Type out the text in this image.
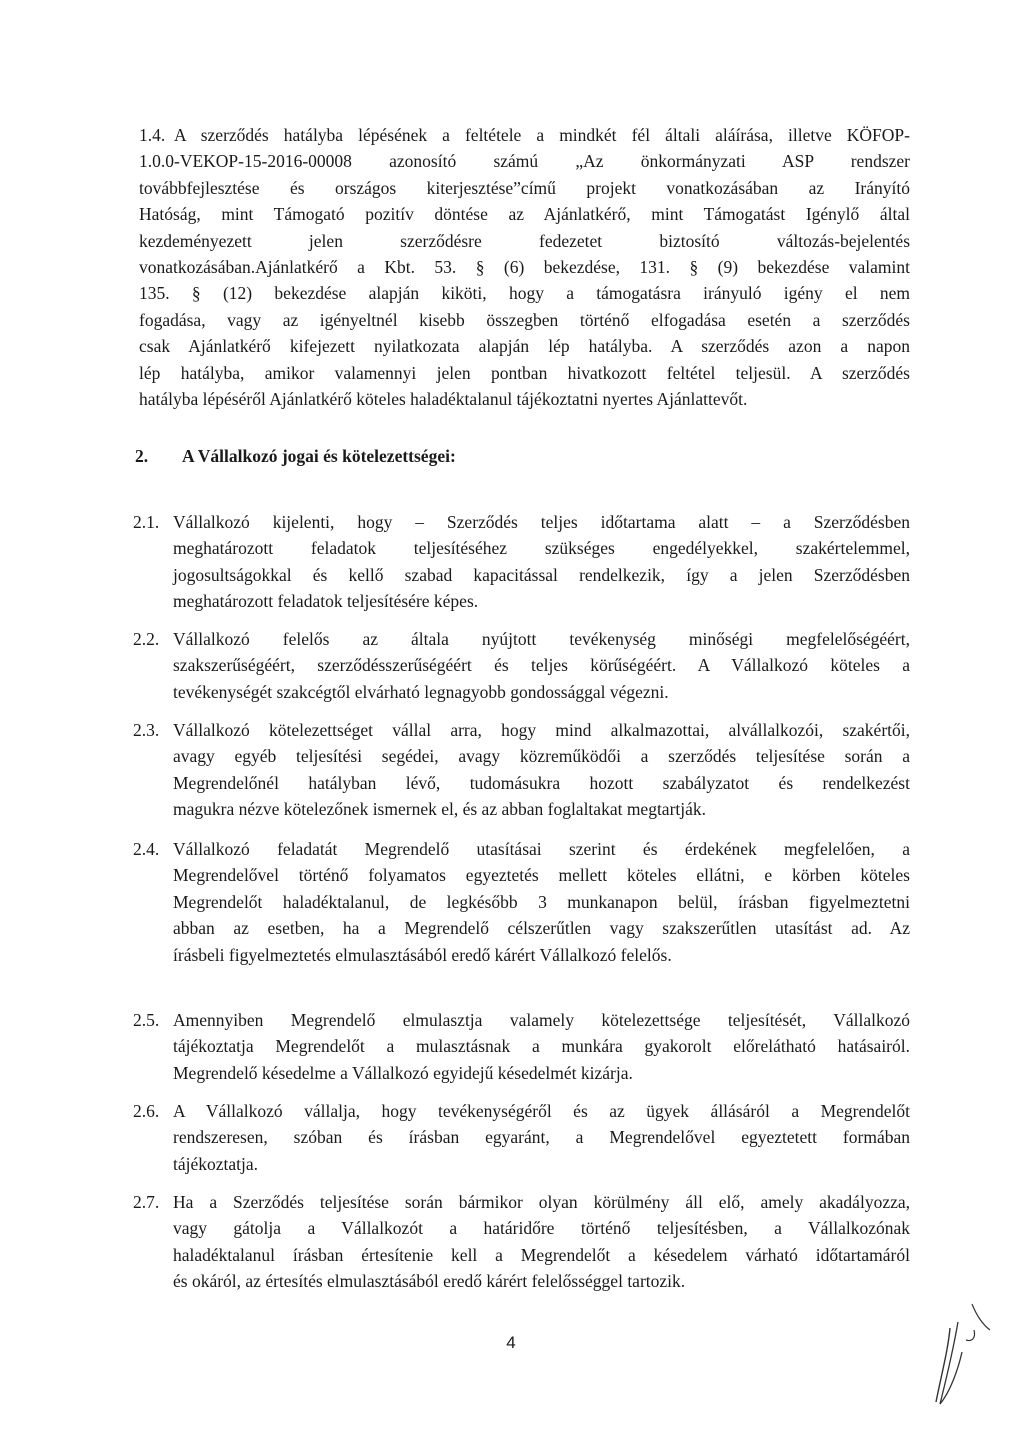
1.4. A szerződés hatályba lépésének a feltétele a mindkét fél általi aláírása, illetve KÖFOP-
1.0.0-VEKOP-15-2016-00008 azonosító számú „Az önkormányzati ASP rendszer
továbbfejlesztése és országos kiterjesztése”című projekt vonatkozásában az Irányító
Hatóság, mint Támogató pozitív döntése az Ajánlatkérő, mint Támogatást Igénylő által
kezdeményezett jelen szerződésre fedezetet biztosító változás-bejelentés
vonatkozásában.Ajánlatkérő a Kbt. 53. § (6) bekezdése, 131. § (9) bekezdése valamint
135. § (12) bekezdése alapján kiköti, hogy a támogatásra irányuló igény el nem
fogadása, vagy az igényeltnél kisebb összegben történő elfogadása esetén a szerződés
csak Ajánlatkérő kifejezett nyilatkozata alapján lép hatályba. A szerződés azon a napon
lép hatályba, amikor valamennyi jelen pontban hivatkozott feltétel teljesül. A szerződés
hatályba lépéséről Ajánlatkérő köteles haladéktalanul tájékoztatni nyertes Ajánlattevőt.
2. A Vállalkozó jogai és kötelezettségei:
2.1. Vállalkozó kijelenti, hogy – Szerződés teljes időtartama alatt – a Szerződésben
meghatározott feladatok teljesítéséhez szükséges engedélyekkel, szakértelemmel,
jogosultságokkal és kellő szabad kapacitással rendelkezik, így a jelen Szerződésben
meghatározott feladatok teljesítésére képes.
2.2. Vállalkozó felelős az általa nyújtott tevékenység minőségi megfelelőségéért,
szakszerűségéért, szerződésszerűségéért és teljes körűségéért. A Vállalkozó köteles a
tevékenységét szakcégtől elvárható legnagyobb gondossággal végezni.
2.3. Vállalkozó kötelezettséget vállal arra, hogy mind alkalmazottai, alvállalkozói, szakértői,
avagy egyéb teljesítési segédei, avagy közreműködői a szerződés teljesítése során a
Megrendelőnél hatályban lévő, tudomásukra hozott szabályzatot és rendelkezést
magukra nézve kötelezőnek ismernek el, és az abban foglaltakat megtartják.
2.4. Vállalkozó feladatát Megrendelő utasításai szerint és érdekének megfelelően, a
Megrendelővel történő folyamatos egyeztetés mellett köteles ellátni, e körben köteles
Megrendelőt haladéktalanul, de legkésőbb 3 munkanapon belül, írásban figyelmeztetni
abban az esetben, ha a Megrendelő célszerűtlen vagy szakszerűtlen utasítást ad. Az
írásbeli figyelmeztetés elmulasztásából eredő kárért Vállalkozó felelős.
2.5. Amennyiben Megrendelő elmulasztja valamely kötelezettsége teljesítését, Vállalkozó
tájékoztatja Megrendelőt a mulasztásnak a munkára gyakorolt előrelátható hatásairól.
Megrendelő késedelme a Vállalkozó egyidejű késedelmét kizárja.
2.6. A Vállalkozó vállalja, hogy tevékenységéről és az ügyek állásáról a Megrendelőt
rendszeresen, szóban és írásban egyaránt, a Megrendelővel egyeztetett formában
tájékoztatja.
2.7. Ha a Szerződés teljesítése során bármikor olyan körülmény áll elő, amely akadályozza,
vagy gátolja a Vállalkozót a határidőre történő teljesítésben, a Vállalkozónak
haladéktalanul írásban értesítenie kell a Megrendelőt a késedelem várható időtartamáról
és okáról, az értesítés elmulasztásából eredő kárért felelősséggel tartozik.
4
